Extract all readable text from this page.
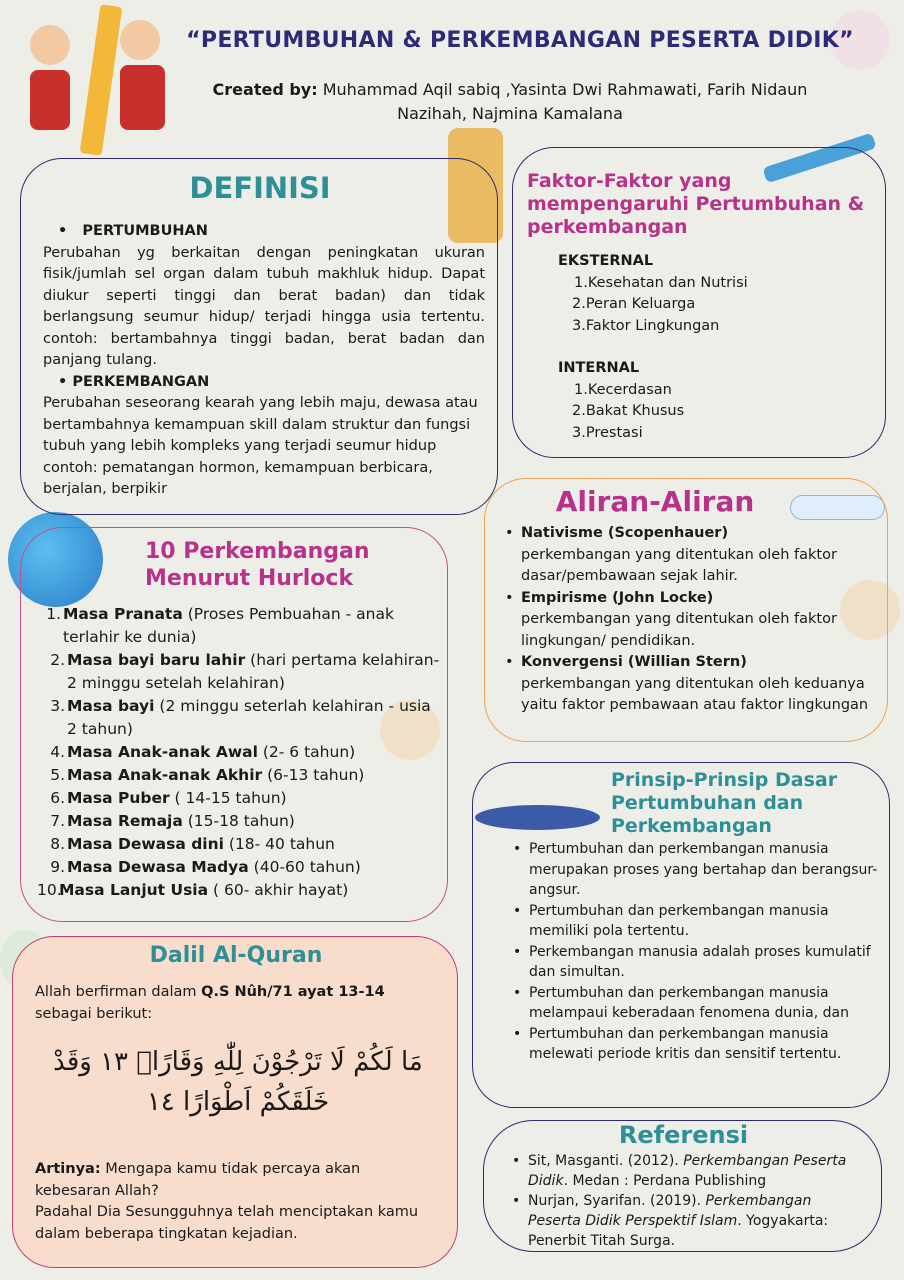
“PERTUMBUHAN & PERKEMBANGAN PESERTA DIDIK”
Created by: Muhammad Aqil sabiq ,Yasinta Dwi Rahmawati, Farih Nidaun Nazihah, Najmina Kamalana
DEFINISI
•   PERTUMBUHAN
Perubahan yg berkaitan dengan peningkatan ukuran fisik/jumlah sel organ dalam tubuh makhluk hidup. Dapat diukur seperti tinggi dan berat badan) dan tidak berlangsung seumur hidup/ terjadi hingga usia tertentu. contoh: bertambahnya tinggi badan, berat badan dan panjang tulang.
• PERKEMBANGAN
Perubahan seseorang kearah yang lebih maju, dewasa atau bertambahnya kemampuan skill dalam struktur dan fungsi tubuh yang lebih kompleks yang terjadi seumur hidup contoh: pematangan hormon, kemampuan berbicara, berjalan, berpikir
Faktor-Faktor yang mempengaruhi Pertumbuhan & perkembangan
EKSTERNAL
1.Kesehatan dan Nutrisi
2.Peran Keluarga
3.Faktor Lingkungan
INTERNAL
1.Kecerdasan
2.Bakat Khusus
3.Prestasi
Aliran-Aliran
• Nativisme (Scopenhauer)
perkembangan yang ditentukan oleh faktor dasar/pembawaan sejak lahir.
• Empirisme (John Locke)
perkembangan yang ditentukan oleh faktor lingkungan/ pendidikan.
• Konvergensi (Willian Stern)
perkembangan yang ditentukan oleh keduanya yaitu faktor pembawaan atau faktor lingkungan
10 Perkembangan Menurut Hurlock
1. Masa Pranata (Proses Pembuahan - anak terlahir ke dunia)
2. Masa bayi baru lahir (hari pertama kelahiran- 2 minggu setelah kelahiran)
3. Masa bayi (2 minggu seterlah kelahiran - usia 2 tahun)
4. Masa Anak-anak Awal (2- 6 tahun)
5. Masa Anak-anak Akhir (6-13 tahun)
6. Masa Puber ( 14-15 tahun)
7. Masa Remaja (15-18 tahun)
8. Masa Dewasa dini (18- 40 tahun
9. Masa Dewasa Madya (40-60 tahun)
10.
Masa Lanjut Usia ( 60- akhir hayat)
Dalil Al-Quran
Allah berfirman dalam Q.S Nûh/71 ayat 13-14 sebagai berikut:
مَا لَكُمْ لَا تَرْجُوْنَ لِلّٰهِ وَقَارًاۚ ١٣ وَقَدْ
خَلَقَكُمْ اَطْوَارًا ١٤
Artinya: Mengapa kamu tidak percaya akan kebesaran Allah?
Padahal Dia Sesungguhnya telah menciptakan kamu dalam beberapa tingkatan kejadian.
Prinsip-Prinsip Dasar Pertumbuhan dan Perkembangan
• Pertumbuhan dan perkembangan manusia merupakan proses yang bertahap dan berangsur-angsur.
• Pertumbuhan dan perkembangan manusia memiliki pola tertentu.
• Perkembangan manusia adalah proses kumulatif dan simultan.
• Pertumbuhan dan perkembangan manusia melampaui keberadaan fenomena dunia, dan
• Pertumbuhan dan perkembangan manusia melewati periode kritis dan sensitif tertentu.
Referensi
• Sit, Masganti. (2012). Perkembangan Peserta Didik. Medan : Perdana Publishing
• Nurjan, Syarifan. (2019). Perkembangan Peserta Didik Perspektif Islam. Yogyakarta: Penerbit Titah Surga.
